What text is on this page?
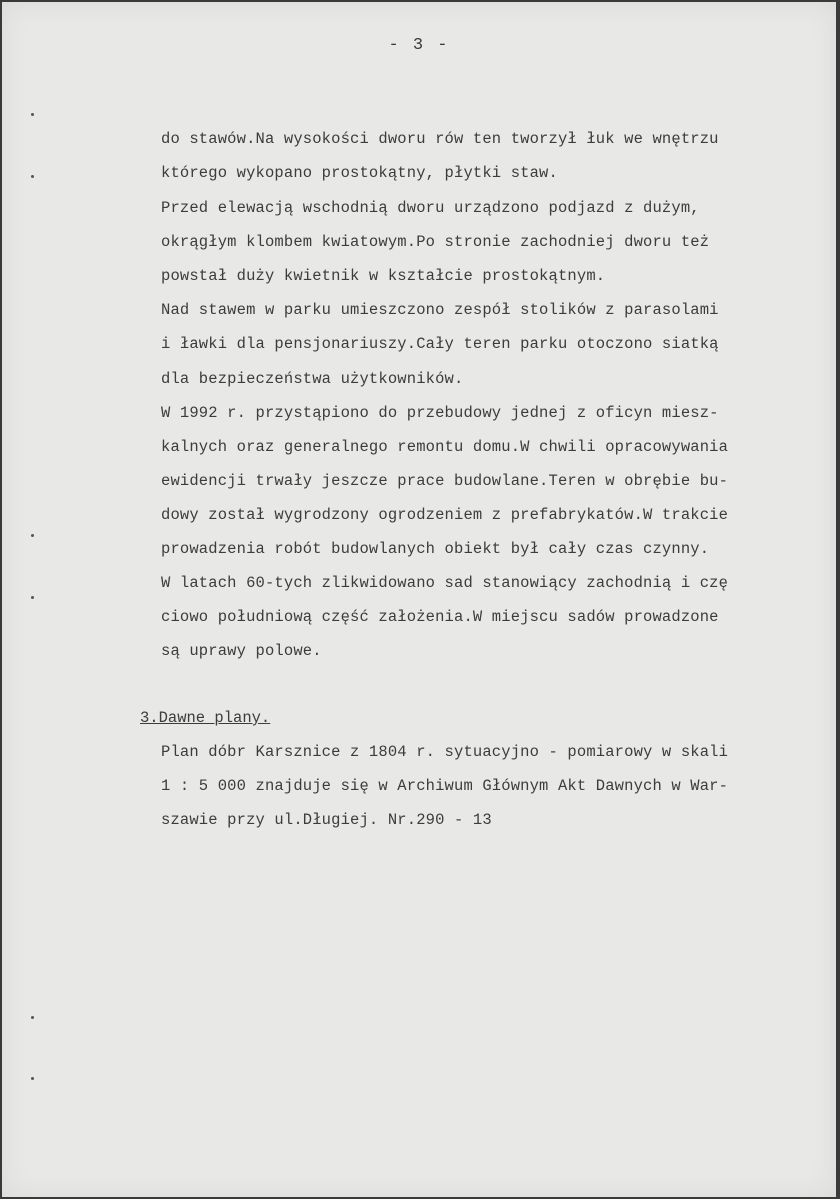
- 3 -
do stawów.Na wysokości dworu rów ten tworzył łuk we wnętrzu
którego wykopano prostokątny, płytki staw.
Przed elewacją wschodnią dworu urządzono podjazd z dużym,
okrągłym klombem kwiatowym.Po stronie zachodniej dworu też
powstał duży kwietnik w kształcie prostokątnym.
Nad stawem w parku umieszczono zespół stolików z parasolami
i ławki dla pensjonariuszy.Cały teren parku otoczono siatką
dla bezpieczeństwa użytkowników.
W 1992 r. przystąpiono do przebudowy jednej z oficyn miesz-
kalnych oraz generalnego remontu domu.W chwili opracowywania
ewidencji trwały jeszcze prace budowlane.Teren w obrębie bu-
dowy został wygrodzony ogrodzeniem z prefabrykatów.W trakcie
prowadzenia robót budowlanych obiekt był cały czas czynny.
W latach 60-tych zlikwidowano sad stanowiący zachodnią i czę
ciowo południową część założenia.W miejscu sadów prowadzone
są uprawy polowe.
3.Dawne plany.
Plan dóbr Karsznice z 1804 r. sytuacyjno - pomiarowy w skali
1 : 5 000 znajduje się w Archiwum Głównym Akt Dawnych w War-
szawie przy ul.Długiej. Nr.290 - 13
